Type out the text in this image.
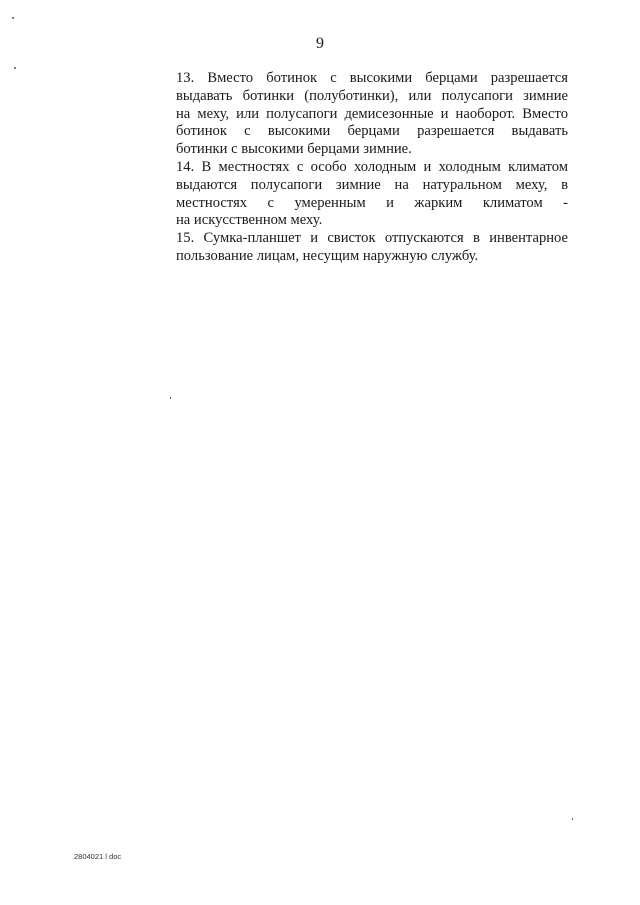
9
13. Вместо ботинок с высокими берцами разрешается
выдавать ботинки (полуботинки), или полусапоги зимние
на меху, или полусапоги демисезонные и наоборот. Вместо
ботинок с высокими берцами разрешается выдавать
ботинки с высокими берцами зимние.
14. В местностях с особо холодным и холодным климатом
выдаются полусапоги зимние на натуральном меху, в
местностях с умеренным и жарким климатом -
на искусственном меху.
15. Сумка-планшет и свисток отпускаются в инвентарное
пользование лицам, несущим наружную службу.
2804021 l doc
